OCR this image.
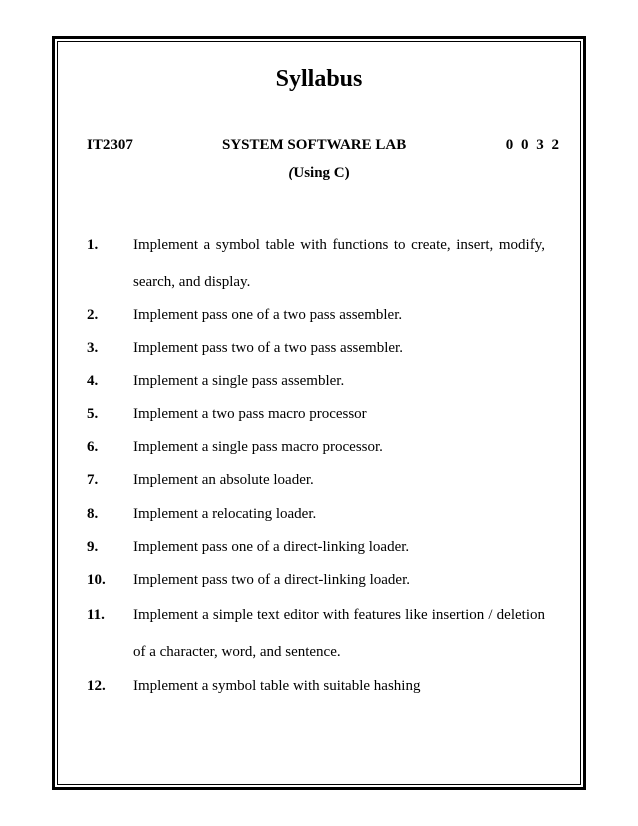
Syllabus
IT2307	SYSTEM SOFTWARE LAB	0 0 3 2
(Using C)
1. Implement a symbol table with functions to create, insert, modify, search, and display.
2. Implement pass one of a two pass assembler.
3. Implement pass two of a two pass assembler.
4. Implement a single pass assembler.
5. Implement a two pass macro processor
6. Implement a single pass macro processor.
7. Implement an absolute loader.
8. Implement a relocating loader.
9. Implement pass one of a direct-linking loader.
10. Implement pass two of a direct-linking loader.
11. Implement a simple text editor with features like insertion / deletion of a character, word, and sentence.
12. Implement a symbol table with suitable hashing
